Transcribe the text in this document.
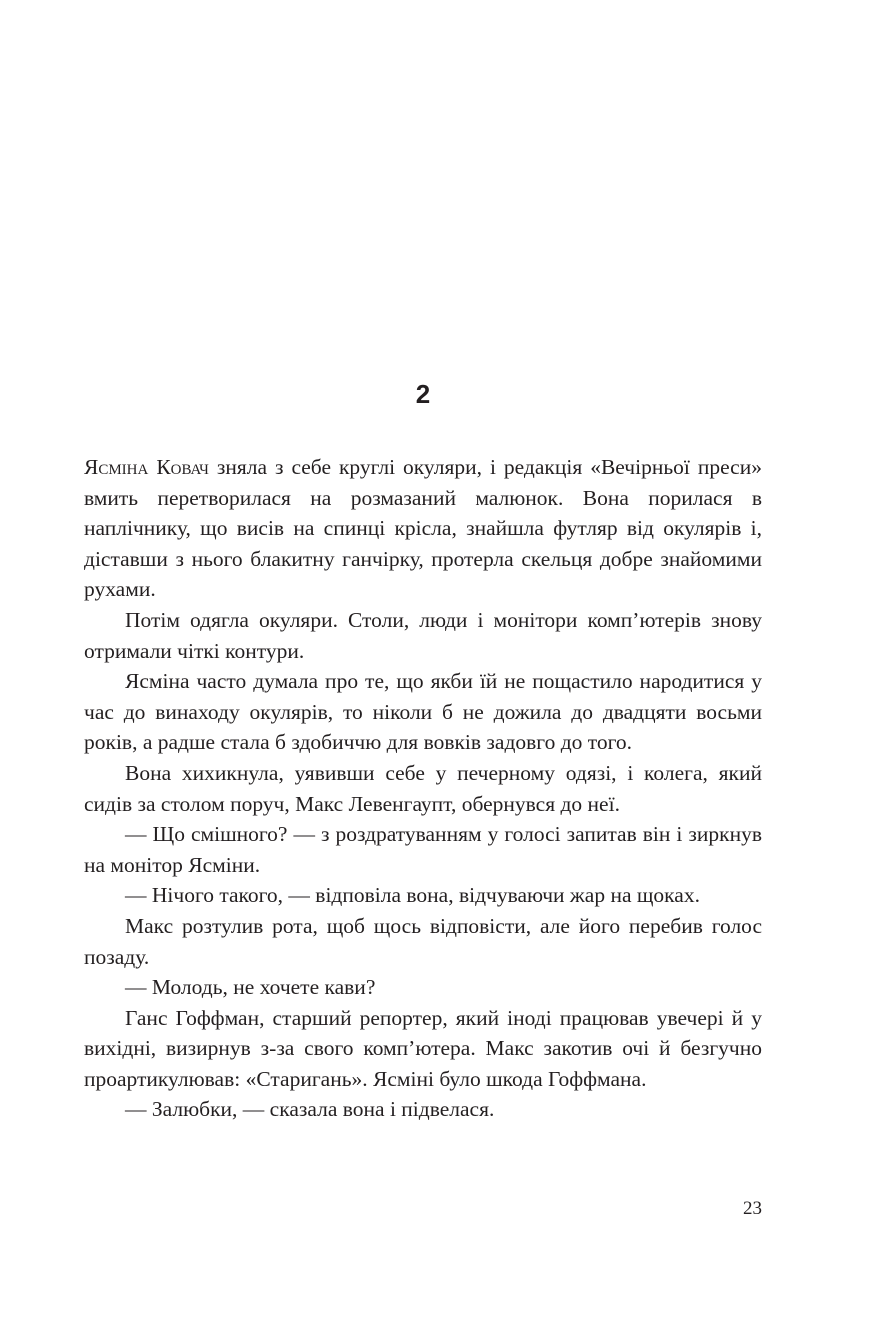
2

Ясміна Ковач зняла з себе круглі окуляри, і редакція «Вечірньої преси» вмить перетворилася на розмазаний малюнок. Вона порилася в наплічнику, що висів на спинці крісла, знайшла футляр від окулярів і, діставши з нього блакитну ганчірку, протерла скельця добре знайомими рухами.

Потім одягла окуляри. Столи, люди і монітори комп’ютерів знову отримали чіткі контури.

Ясміна часто думала про те, що якби їй не пощастило народитися у час до винаходу окулярів, то ніколи б не дожила до двадцяти восьми років, а радше стала б здобиччю для вовків задовго до того.

Вона хихикнула, уявивши себе у печерному одязі, і колега, який сидів за столом поруч, Макс Левенгаупт, обернувся до неї.

— Що смішного? — з роздратуванням у голосі запитав він і зиркнув на монітор Ясміни.

— Нічого такого, — відповіла вона, відчуваючи жар на щоках.

Макс розтулив рота, щоб щось відповісти, але його перебив голос позаду.

— Молодь, не хочете кави?

Ганс Гоффман, старший репортер, який іноді працював увечері й у вихідні, визирнув з-за свого комп’ютера. Макс закотив очі й безгучно проартикулював: «Старигань». Ясміні було шкода Гоффмана.

— Залюбки, — сказала вона і підвелася.

23
